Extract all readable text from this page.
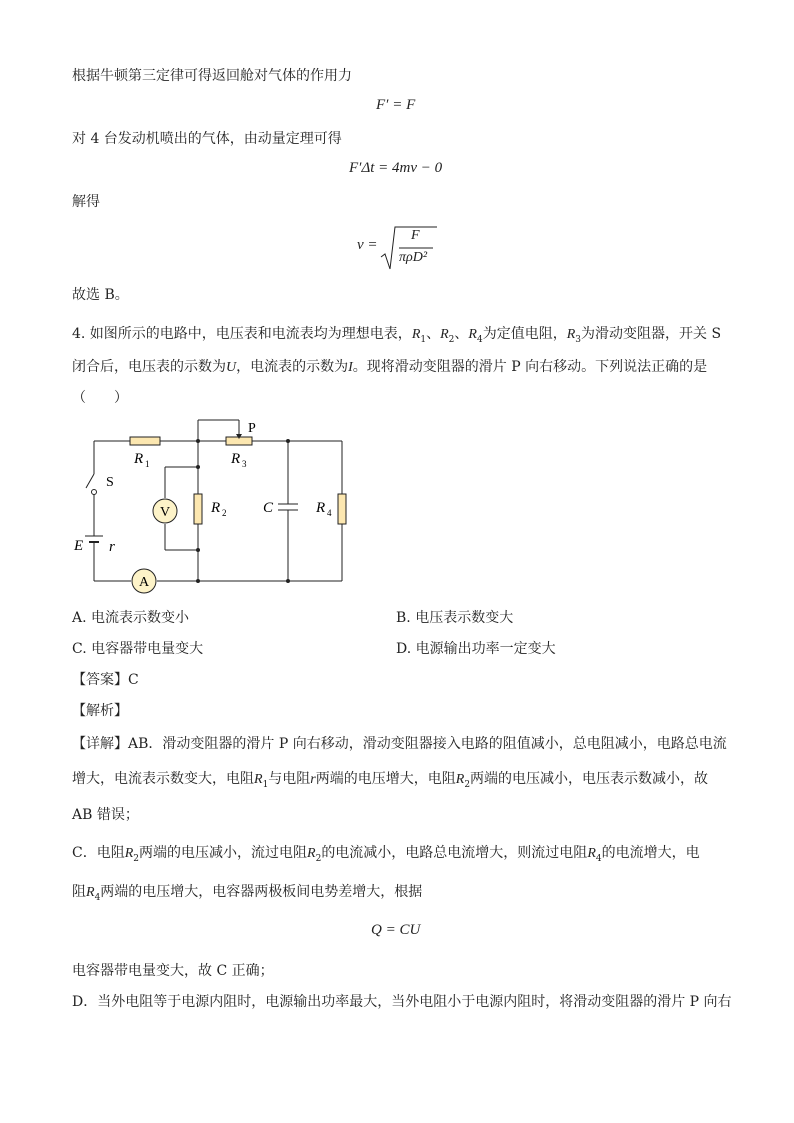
根据牛顿第三定律可得返回舱对气体的作用力
F′ = F
对 4 台发动机喷出的气体，由动量定理可得
F′Δt = 4mv − 0
解得
v =
F
πρD²
故选 B。
4. 如图所示的电路中，电压表和电流表均为理想电表，$R_1$、$R_2$、$R_4$为定值电阻，$R_3$为滑动变阻器，开关 S
闭合后，电压表的示数为U，电流表的示数为I。现将滑动变阻器的滑片 P 向右移动。下列说法正确的是
（　　）
P
R 1	R 3
R 2	R 4
C
S
E r
V
A
A. 电流表示数变小	B. 电压表示数变大
C. 电容器带电量变大	D. 电源输出功率一定变大
【答案】C
【解析】
【详解】AB．滑动变阻器的滑片 P 向右移动，滑动变阻器接入电路的阻值减小，总电阻减小，电路总电流
增大，电流表示数变大，电阻$R_1$与电阻r两端的电压增大，电阻$R_2$两端的电压减小，电压表示数减小，故
AB 错误；
C．电阻$R_2$两端的电压减小，流过电阻$R_2$的电流减小，电路总电流增大，则流过电阻$R_4$的电流增大，电
阻$R_4$两端的电压增大，电容器两极板间电势差增大，根据
Q = CU
电容器带电量变大，故 C 正确；
D．当外电阻等于电源内阻时，电源输出功率最大，当外电阻小于电源内阻时，将滑动变阻器的滑片 P 向右
